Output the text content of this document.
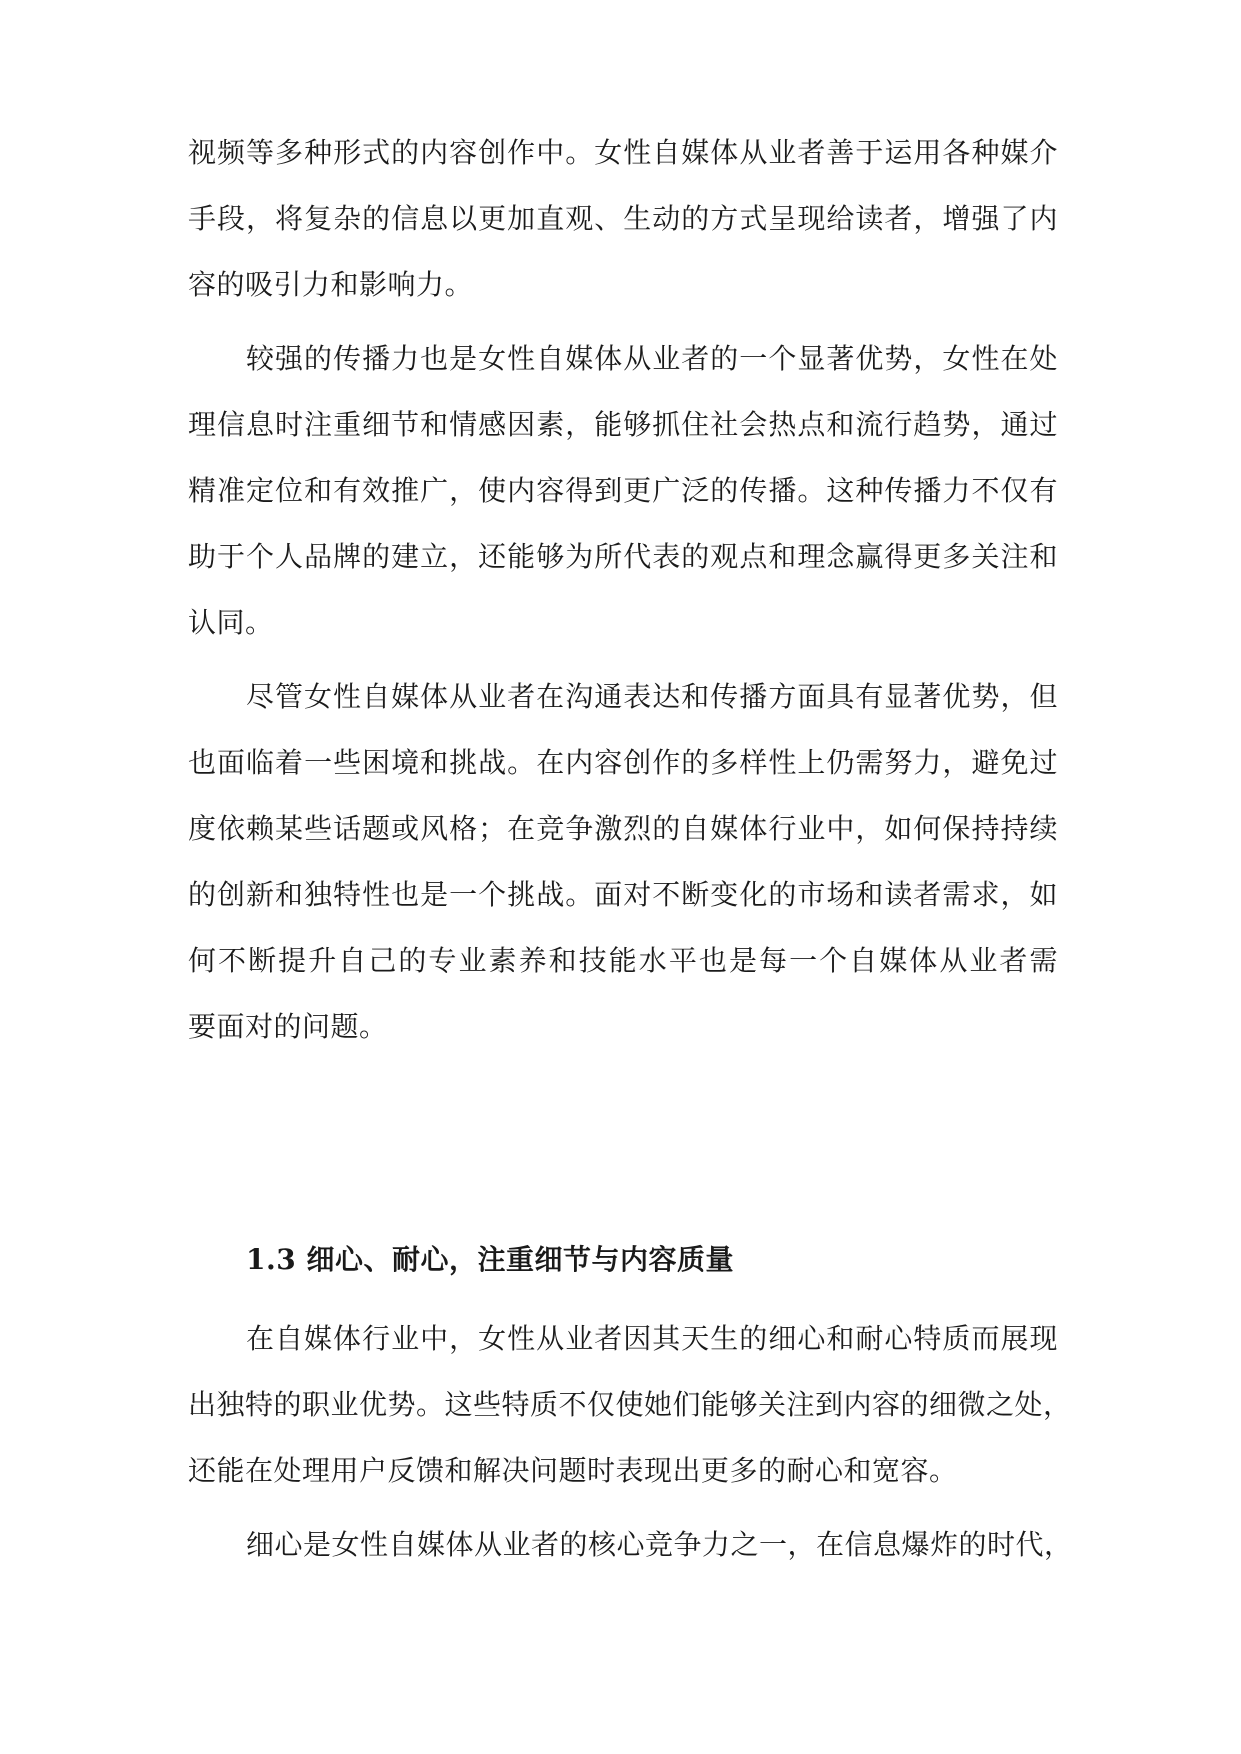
视频等多种形式的内容创作中。女性自媒体从业者善于运用各种媒介
手段，将复杂的信息以更加直观、生动的方式呈现给读者，增强了内
容的吸引力和影响力。
较强的传播力也是女性自媒体从业者的一个显著优势，女性在处
理信息时注重细节和情感因素，能够抓住社会热点和流行趋势，通过
精准定位和有效推广，使内容得到更广泛的传播。这种传播力不仅有
助于个人品牌的建立，还能够为所代表的观点和理念赢得更多关注和
认同。
尽管女性自媒体从业者在沟通表达和传播方面具有显著优势，但
也面临着一些困境和挑战。在内容创作的多样性上仍需努力，避免过
度依赖某些话题或风格；在竞争激烈的自媒体行业中，如何保持持续
的创新和独特性也是一个挑战。面对不断变化的市场和读者需求，如
何不断提升自己的专业素养和技能水平也是每一个自媒体从业者需
要面对的问题。
1.3 细心、耐心，注重细节与内容质量
在自媒体行业中，女性从业者因其天生的细心和耐心特质而展现
出独特的职业优势。这些特质不仅使她们能够关注到内容的细微之处，
还能在处理用户反馈和解决问题时表现出更多的耐心和宽容。
细心是女性自媒体从业者的核心竞争力之一，在信息爆炸的时代，
